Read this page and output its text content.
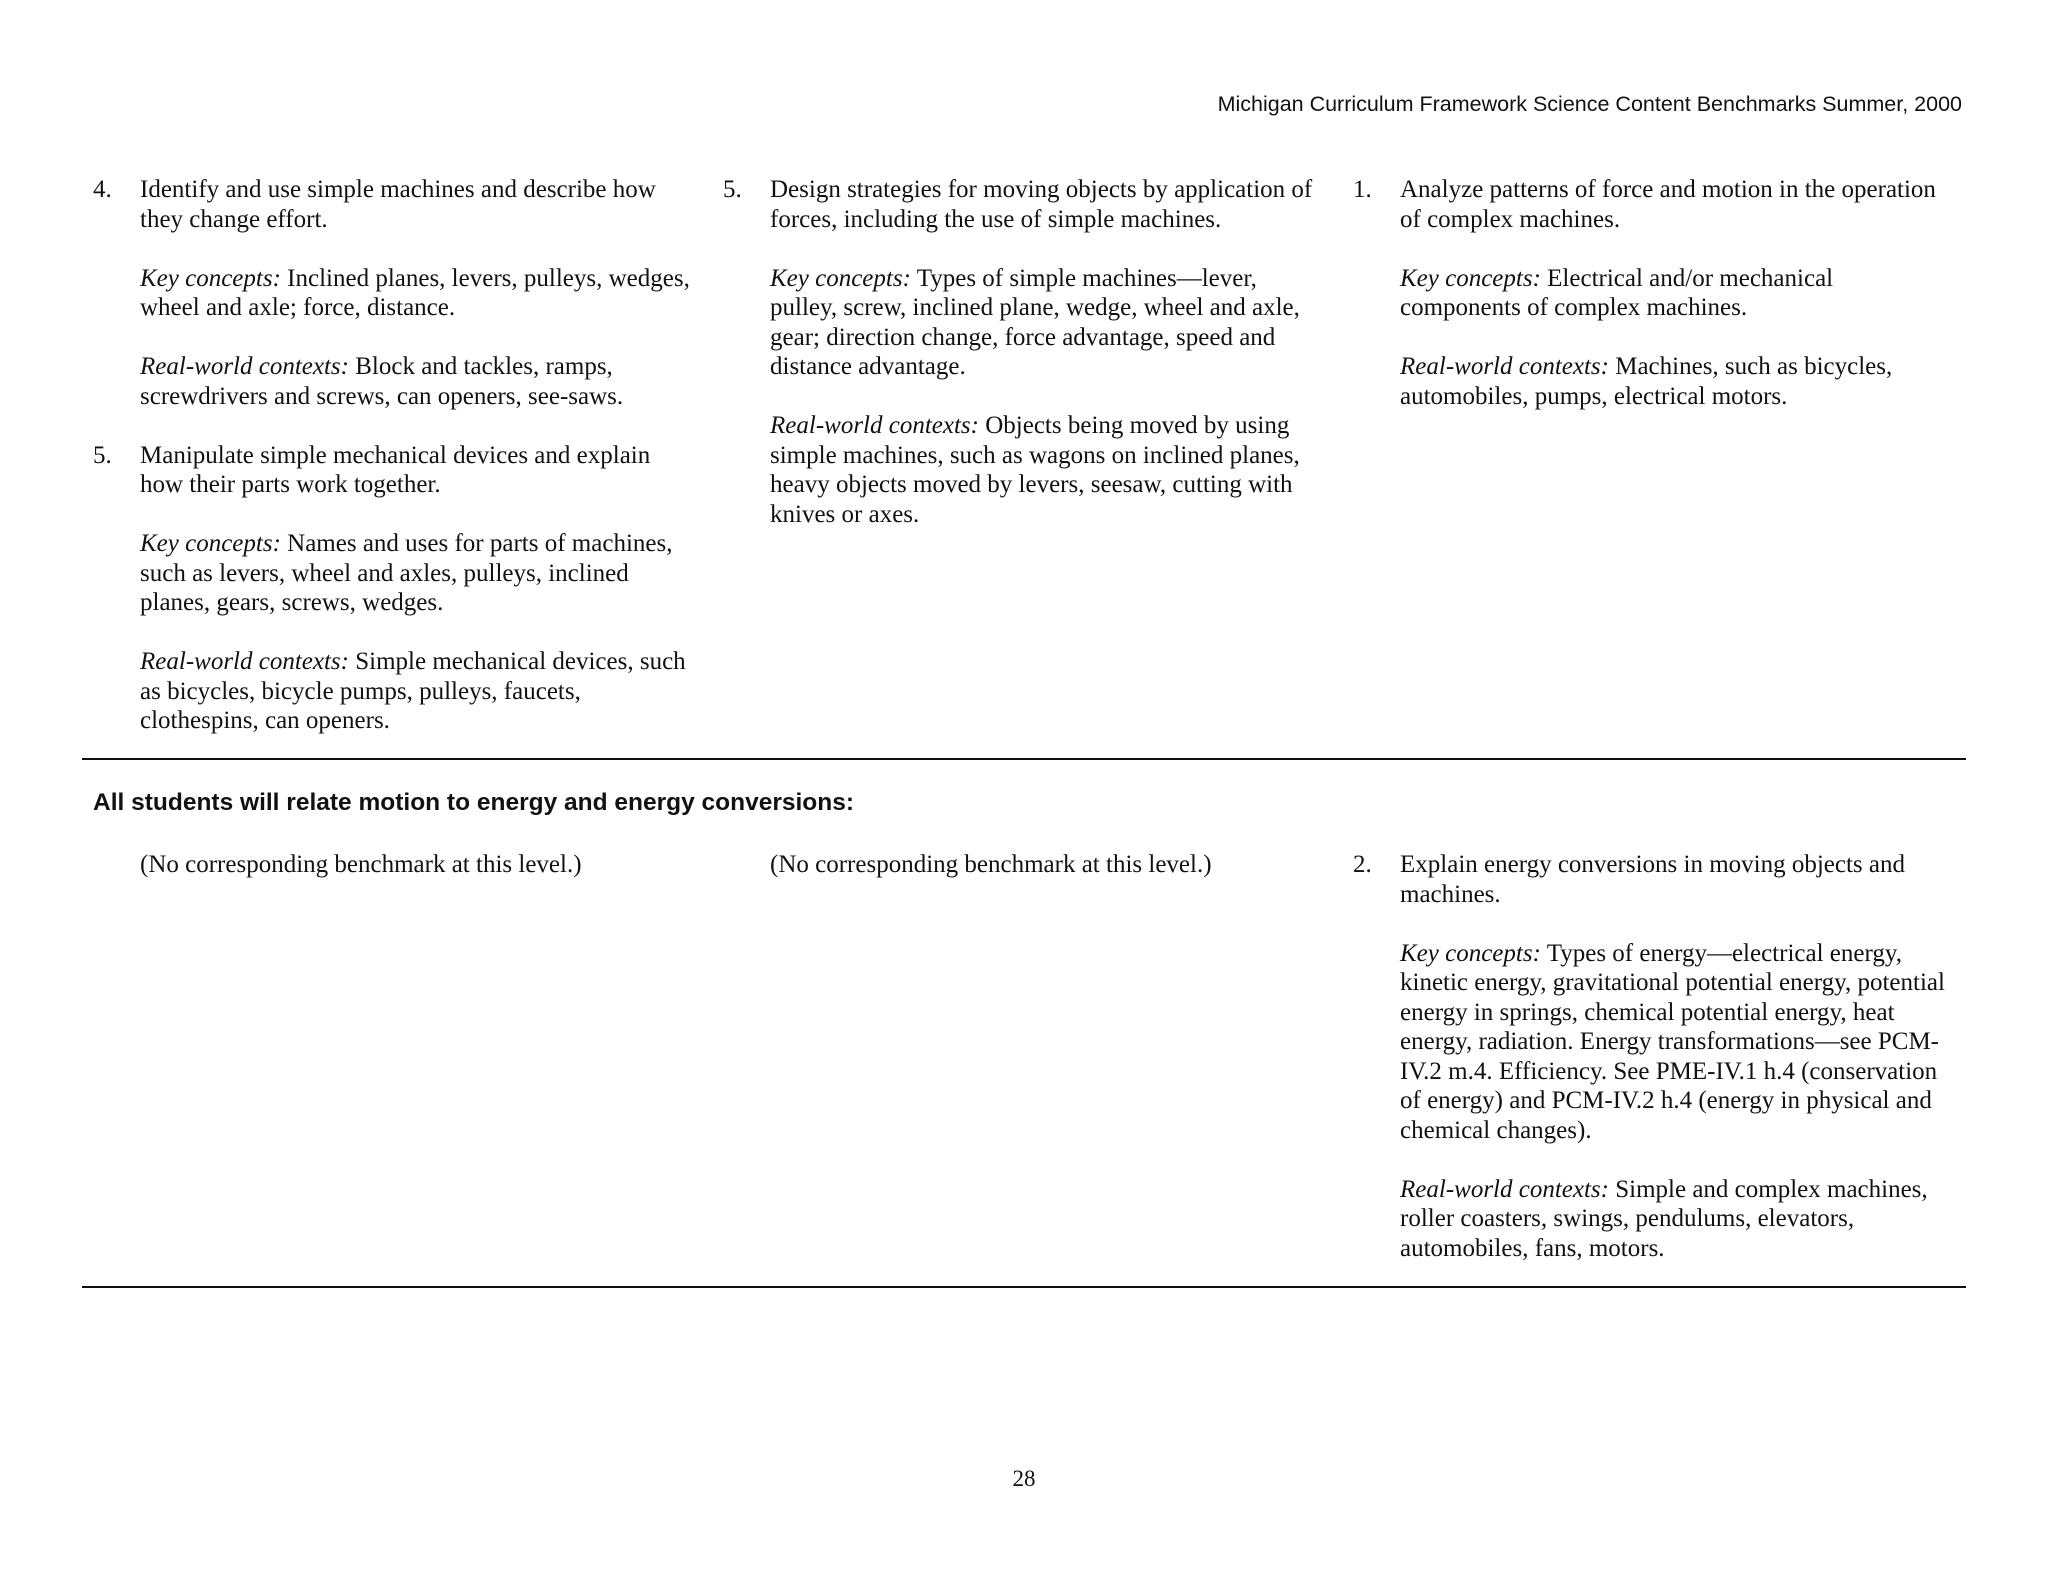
Michigan Curriculum Framework Science Content Benchmarks Summer, 2000
4. Identify and use simple machines and describe how they change effort.

Key concepts: Inclined planes, levers, pulleys, wedges, wheel and axle; force, distance.

Real-world contexts: Block and tackles, ramps, screwdrivers and screws, can openers, see-saws.

5. Manipulate simple mechanical devices and explain how their parts work together.

Key concepts: Names and uses for parts of machines, such as levers, wheel and axles, pulleys, inclined planes, gears, screws, wedges.

Real-world contexts: Simple mechanical devices, such as bicycles, bicycle pumps, pulleys, faucets, clothespins, can openers.

5. Design strategies for moving objects by application of forces, including the use of simple machines.

Key concepts: Types of simple machines—lever, pulley, screw, inclined plane, wedge, wheel and axle, gear; direction change, force advantage, speed and distance advantage.

Real-world contexts: Objects being moved by using simple machines, such as wagons on inclined planes, heavy objects moved by levers, seesaw, cutting with knives or axes.

1. Analyze patterns of force and motion in the operation of complex machines.

Key concepts: Electrical and/or mechanical components of complex machines.

Real-world contexts: Machines, such as bicycles, automobiles, pumps, electrical motors.

All students will relate motion to energy and energy conversions:
(No corresponding benchmark at this level.)	(No corresponding benchmark at this level.)	2. Explain energy conversions in moving objects and machines.

Key concepts: Types of energy—electrical energy, kinetic energy, gravitational potential energy, potential energy in springs, chemical potential energy, heat energy, radiation. Energy transformations—see PCM-IV.2 m.4. Efficiency. See PME-IV.1 h.4 (conservation of energy) and PCM-IV.2 h.4 (energy in physical and chemical changes).

Real-world contexts: Simple and complex machines, roller coasters, swings, pendulums, elevators, automobiles, fans, motors.

28
